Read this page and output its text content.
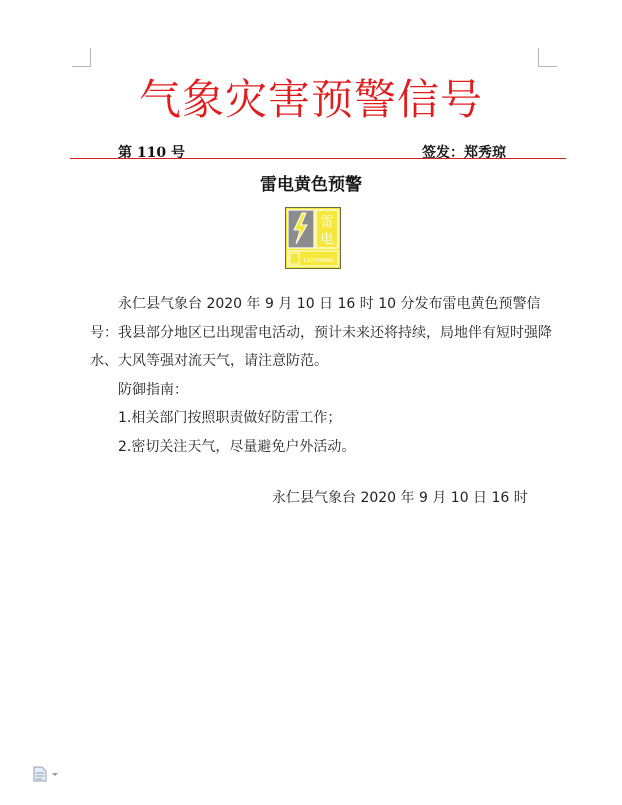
气象灾害预警信号
第 110 号	签发：郑秀琼
雷电黄色预警
雷
电
LIGHTNING

永仁县气象台 2020 年 9 月 10 日 16 时 10 分发布雷电黄色预警信号：我县部分地区已出现雷电活动，预计未来还将持续，局地伴有短时强降水、大风等强对流天气，请注意防范。

防御指南：

1.相关部门按照职责做好防雷工作；

2.密切关注天气，尽量避免户外活动。

永仁县气象台 2020 年 9 月 10 日 16 时
